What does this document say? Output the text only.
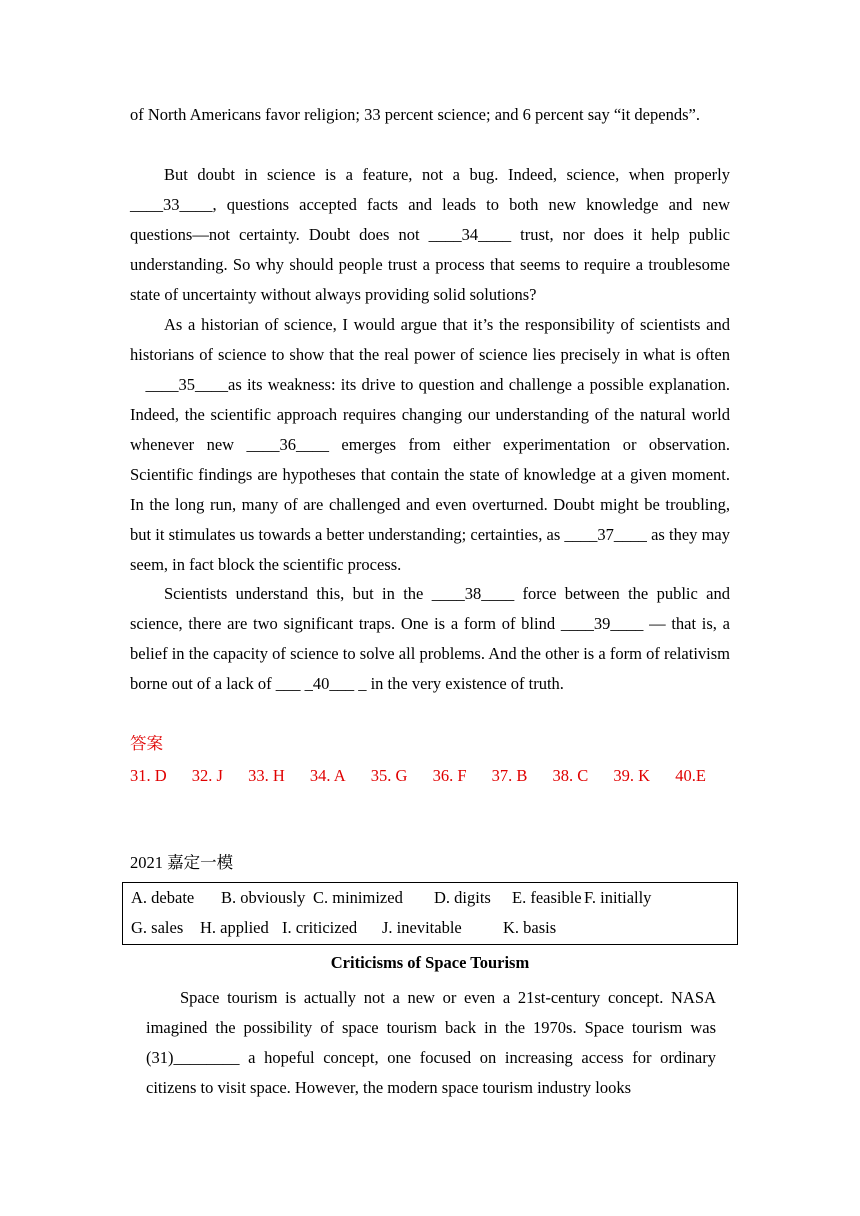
of North Americans favor religion; 33 percent science; and 6 percent say “it depends”.

But doubt in science is a feature, not a bug. Indeed, science, when properly ____33____, questions accepted facts and leads to both new knowledge and new questions—not certainty. Doubt does not ____34____ trust, nor does it help public understanding. So why should people trust a process that seems to require a troublesome state of uncertainty without always providing solid solutions?

As a historian of science, I would argue that it’s the responsibility of scientists and historians of science to show that the real power of science lies precisely in what is often    ____35____as its weakness: its drive to question and challenge a possible explanation. Indeed, the scientific approach requires changing our understanding of the natural world whenever new ____36____ emerges from either experimentation or observation. Scientific findings are hypotheses that contain the state of knowledge at a given moment. In the long run, many of are challenged and even overturned. Doubt might be troubling, but it stimulates us towards a better understanding; certainties, as ____37____ as they may seem, in fact block the scientific process.

Scientists understand this, but in the ____38____ force between the public and science, there are two significant traps. One is a form of blind ____39____ — that is, a belief in the capacity of science to solve all problems. And the other is a form of relativism borne out of a lack of ___ _40___ _ in the very existence of truth.

答案
31. D 32. J 33. H 34. A 35. G 36. F 37. B 38. C 39. K 40.E
2021 嘉定一模
A. debate B. obviously C. minimized D. digits E. feasible F. initially
G. sales H. applied I. criticized J. inevitable	K. basis
Criticisms of Space Tourism

Space tourism is actually not a new or even a 21st-century concept. NASA imagined the possibility of space tourism back in the 1970s. Space tourism was (31)________ a hopeful concept, one focused on increasing access for ordinary citizens to visit space. However, the modern space tourism industry looks
